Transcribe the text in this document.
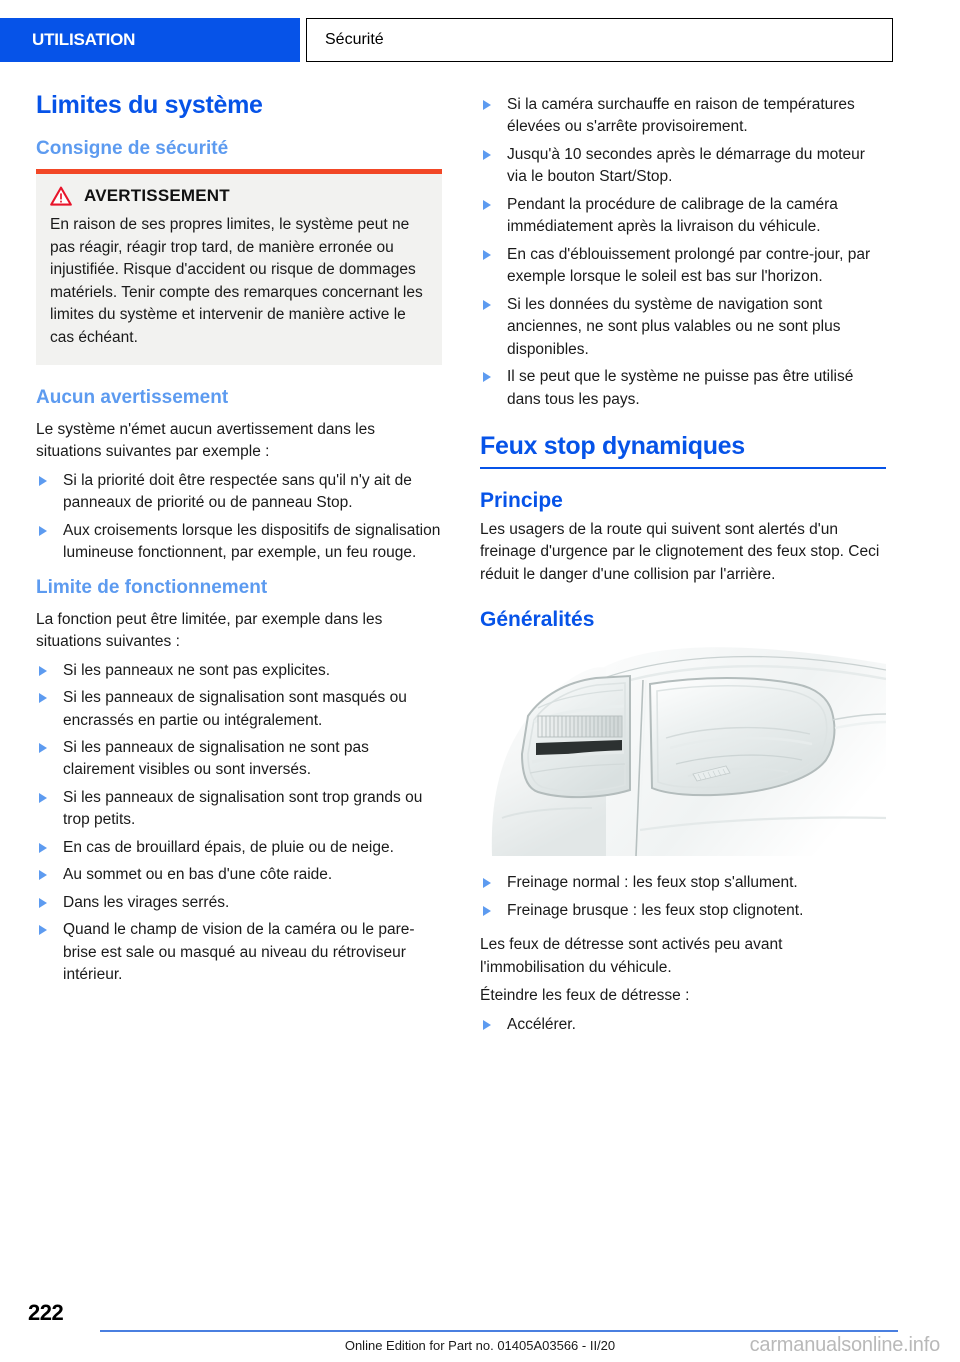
UTILISATION	Sécurité
Limites du système
Consigne de sécurité
AVERTISSEMENT
En raison de ses propres limites, le système peut ne pas réagir, réagir trop tard, de manière erronée ou injustifiée. Risque d'accident ou risque de dommages matériels. Tenir compte des remarques concernant les limites du système et intervenir de manière active le cas échéant.
Aucun avertissement

Le système n'émet aucun avertissement dans les situations suivantes par exemple :

Si la priorité doit être respectée sans qu'il n'y ait de panneaux de priorité ou de panneau Stop.
Aux croisements lorsque les dispositifs de signalisation lumineuse fonctionnent, par exemple, un feu rouge.
Limite de fonctionnement

La fonction peut être limitée, par exemple dans les situations suivantes :

Si les panneaux ne sont pas explicites.
Si les panneaux de signalisation sont masqués ou encrassés en partie ou intégralement.
Si les panneaux de signalisation ne sont pas clairement visibles ou sont inversés.
Si les panneaux de signalisation sont trop grands ou trop petits.
En cas de brouillard épais, de pluie ou de neige.
Au sommet ou en bas d'une côte raide.
Dans les virages serrés.
Quand le champ de vision de la caméra ou le pare-brise est sale ou masqué au niveau du rétroviseur intérieur.
Si la caméra surchauffe en raison de températures élevées ou s'arrête provisoirement.
Jusqu'à 10 secondes après le démarrage du moteur via le bouton Start/Stop.
Pendant la procédure de calibrage de la caméra immédiatement après la livraison du véhicule.
En cas d'éblouissement prolongé par contre-jour, par exemple lorsque le soleil est bas sur l'horizon.
Si les données du système de navigation sont anciennes, ne sont plus valables ou ne sont plus disponibles.
Il se peut que le système ne puisse pas être utilisé dans tous les pays.
Feux stop dynamiques
Principe

Les usagers de la route qui suivent sont alertés d'un freinage d'urgence par le clignotement des feux stop. Ceci réduit le danger d'une collision par l'arrière.

Généralités
Freinage normal : les feux stop s'allument.
Freinage brusque : les feux stop clignotent.

Les feux de détresse sont activés peu avant l'immobilisation du véhicule.

Éteindre les feux de détresse :

Accélérer.
222
Online Edition for Part no. 01405A03566 - II/20	carmanualsonline.info
